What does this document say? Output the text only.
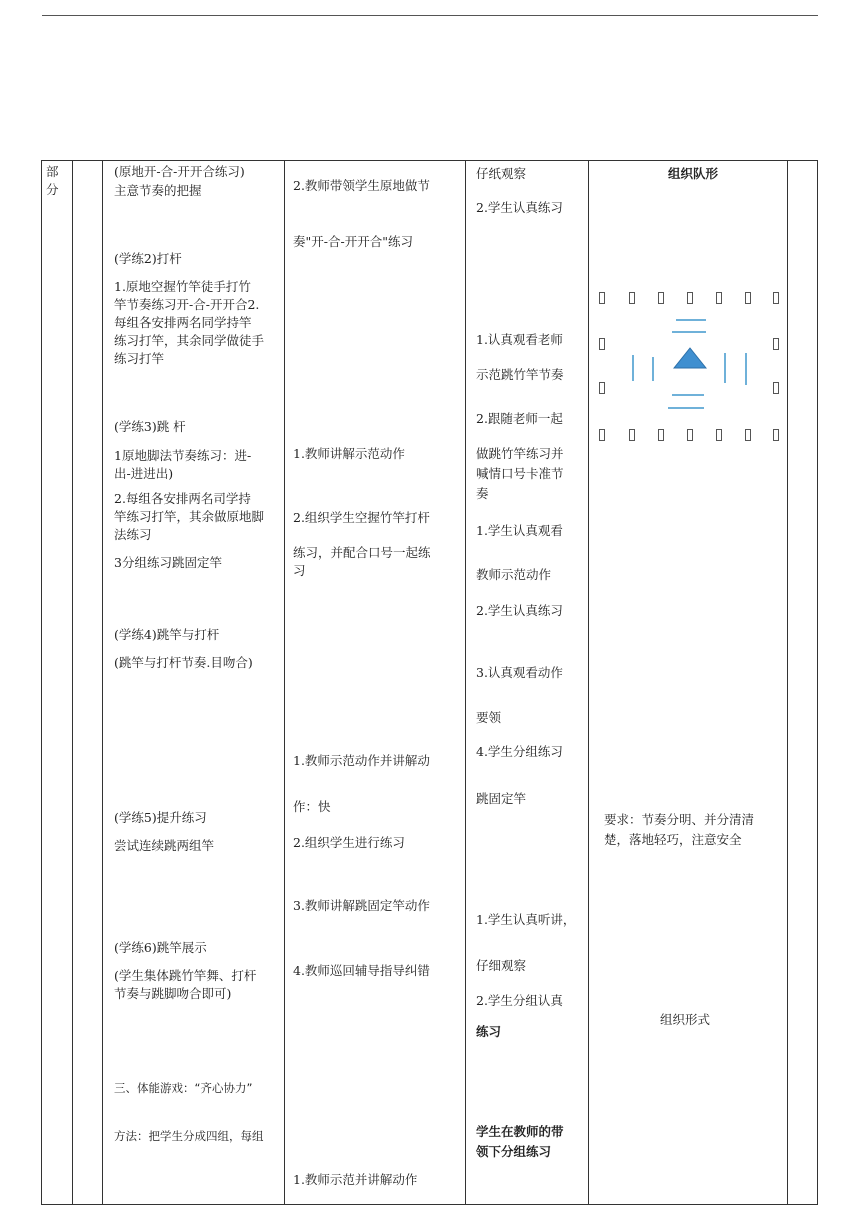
部分
(原地开-合-开开合练习)
主意节奏的把握
(学练2)打杆
1.原地空握竹竿徒手打竹
竿节奏练习开-合-开开合2.
每组各安排两名同学持竿
练习打竿，其余同学做徒手
练习打竿
(学练3)跳 杆
1原地脚法节奏练习：进-
出-进进出)
2.每组各安排两名司学持
竿练习打竿，其余做原地脚
法练习
3分组练习跳固定竿
(学练4)跳竿与打杆
(跳竿与打杆节奏.目吻合)
(学练5)提升练习
尝试连续跳两组竿
(学练6)跳竿展示
(学生集体跳竹竿舞、打杆
节奏与跳脚吻合即可)
三、体能游戏：“齐心协力”
方法：把学生分成四组，每组
2.教师带领学生原地做节
奏"开-合-开开合"练习
1.教师讲解示范动作
2.组织学生空握竹竿打杆
练习，并配合口号一起练
习
1.教师示范动作并讲解动
作：快
2.组织学生进行练习
3.教师讲解跳固定竿动作
4.教师巡回辅导指导纠错
1.教师示范并讲解动作
仔纸观察
2.学生认真练习
1.认真观看老师
示范跳竹竿节奏
2.跟随老师一起
做跳竹竿练习并
喊情口号卡准节
奏
1.学生认真观看
教师示范动作
2.学生认真练习
3.认真观看动作
要领
4.学生分组练习
跳固定竿
1.学生认真听讲，
仔细观察
2.学生分组认真
练习
学生在教师的带
领下分组练习
组织队形
要求：节奏分明、并分清清
楚，落地轻巧，注意安全
组织形式
